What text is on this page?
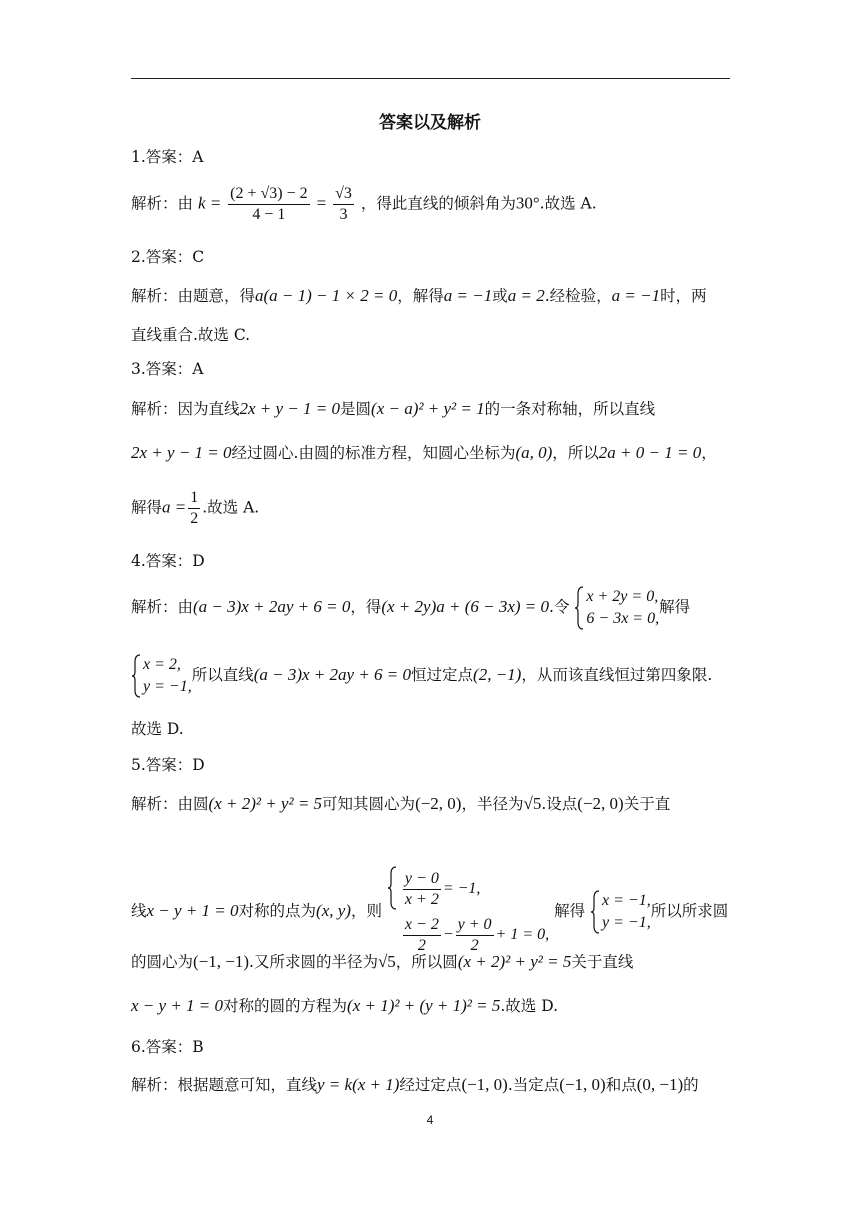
答案以及解析
1.答案：A
解析：由 $k = \frac{(2 + √3) - 2}{4 - 1} = \frac{√3}{3}$ ，得此直线的倾斜角为30°.故选 A.
2.答案：C
解析：由题意，得a(a − 1) − 1 × 2 = 0，解得a = −1或a = 2.经检验，a = −1时，两
直线重合.故选 C.
3.答案：A
解析：因为直线2x + y − 1 = 0是圆(x − a)² + y² = 1的一条对称轴，所以直线
2x + y − 1 = 0经过圆心.由圆的标准方程，知圆心坐标为(a, 0)，所以2a + 0 − 1 = 0，
解得$a = \frac{1}{2}$ .故选 A.
4.答案：D
解析：由(a − 3)x + 2ay + 6 = 0，得(x + 2y)a + (6 − 3x) = 0.令
x + 2y = 0,
6 − 3x = 0,
解得
x = 2,
y = −1,
所以直线(a − 3)x + 2ay + 6 = 0恒过定点(2, −1)，从而该直线恒过第四象限.
故选 D.
5.答案：D
解析：由圆(x + 2)² + y² = 5可知其圆心为(−2, 0)，半径为√5.设点(−2, 0)关于直
线x − y + 1 = 0对称的点为(x, y)，则
$\frac{y - 0}{x + 2} = -1$,
$\frac{x - 2}{2} - \frac{y + 0}{2} + 1 = 0$,
解得
x = −1,
y = −1,
所以所求圆
的圆心为(−1, −1).又所求圆的半径为√5，所以圆(x + 2)² + y² = 5关于直线
x − y + 1 = 0对称的圆的方程为(x + 1)² + (y + 1)² = 5.故选 D.
6.答案：B
解析：根据题意可知，直线y = k(x + 1)经过定点(−1, 0).当定点(−1, 0)和点(0, −1)的
4
